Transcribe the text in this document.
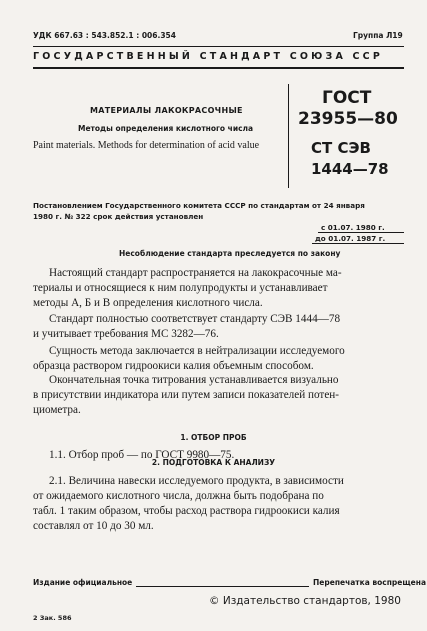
УДК 667.63 : 543.852.1 : 006.354	Группа Л19
ГОСУДАРСТВЕННЫЙ СТАНДАРТ СОЮЗА ССР
МАТЕРИАЛЫ ЛАКОКРАСОЧНЫЕ
Методы определения кислотного числа
Paint materials. Methods for determination of acid value
ГОСТ
23955—80
СТ СЭВ
1444—78
Постановлением Государственного комитета СССР по стандартам от 24 января
1980 г. № 322 срок действия установлен
с 01.07. 1980 г.
до 01.07. 1987 г.
Несоблюдение стандарта преследуется по закону
Настоящий стандарт распространяется на лакокрасочные ма-
териалы и относящиеся к ним полупродукты и устанавливает
методы А, Б и В определения кислотного числа.
Стандарт полностью соответствует стандарту СЭВ 1444—78
и учитывает требования МС 3282—76.
Сущность метода заключается в нейтрализации исследуемого
образца раствором гидроокиси калия объемным способом.
Окончательная точка титрования устанавливается визуально
в присутствии индикатора или путем записи показателей потен-
циометра.
1. ОТБОР ПРОБ
1.1. Отбор проб — по ГОСТ 9980—75.
2. ПОДГОТОВКА К АНАЛИЗУ
2.1. Величина навески исследуемого продукта, в зависимости
от ожидаемого кислотного числа, должна быть подобрана по
табл. 1 таким образом, чтобы расход раствора гидроокиси калия
составлял от 10 до 30 мл.
Издание официальное	Перепечатка воспрещена
© Издательство стандартов, 1980
2 Зак. 586
